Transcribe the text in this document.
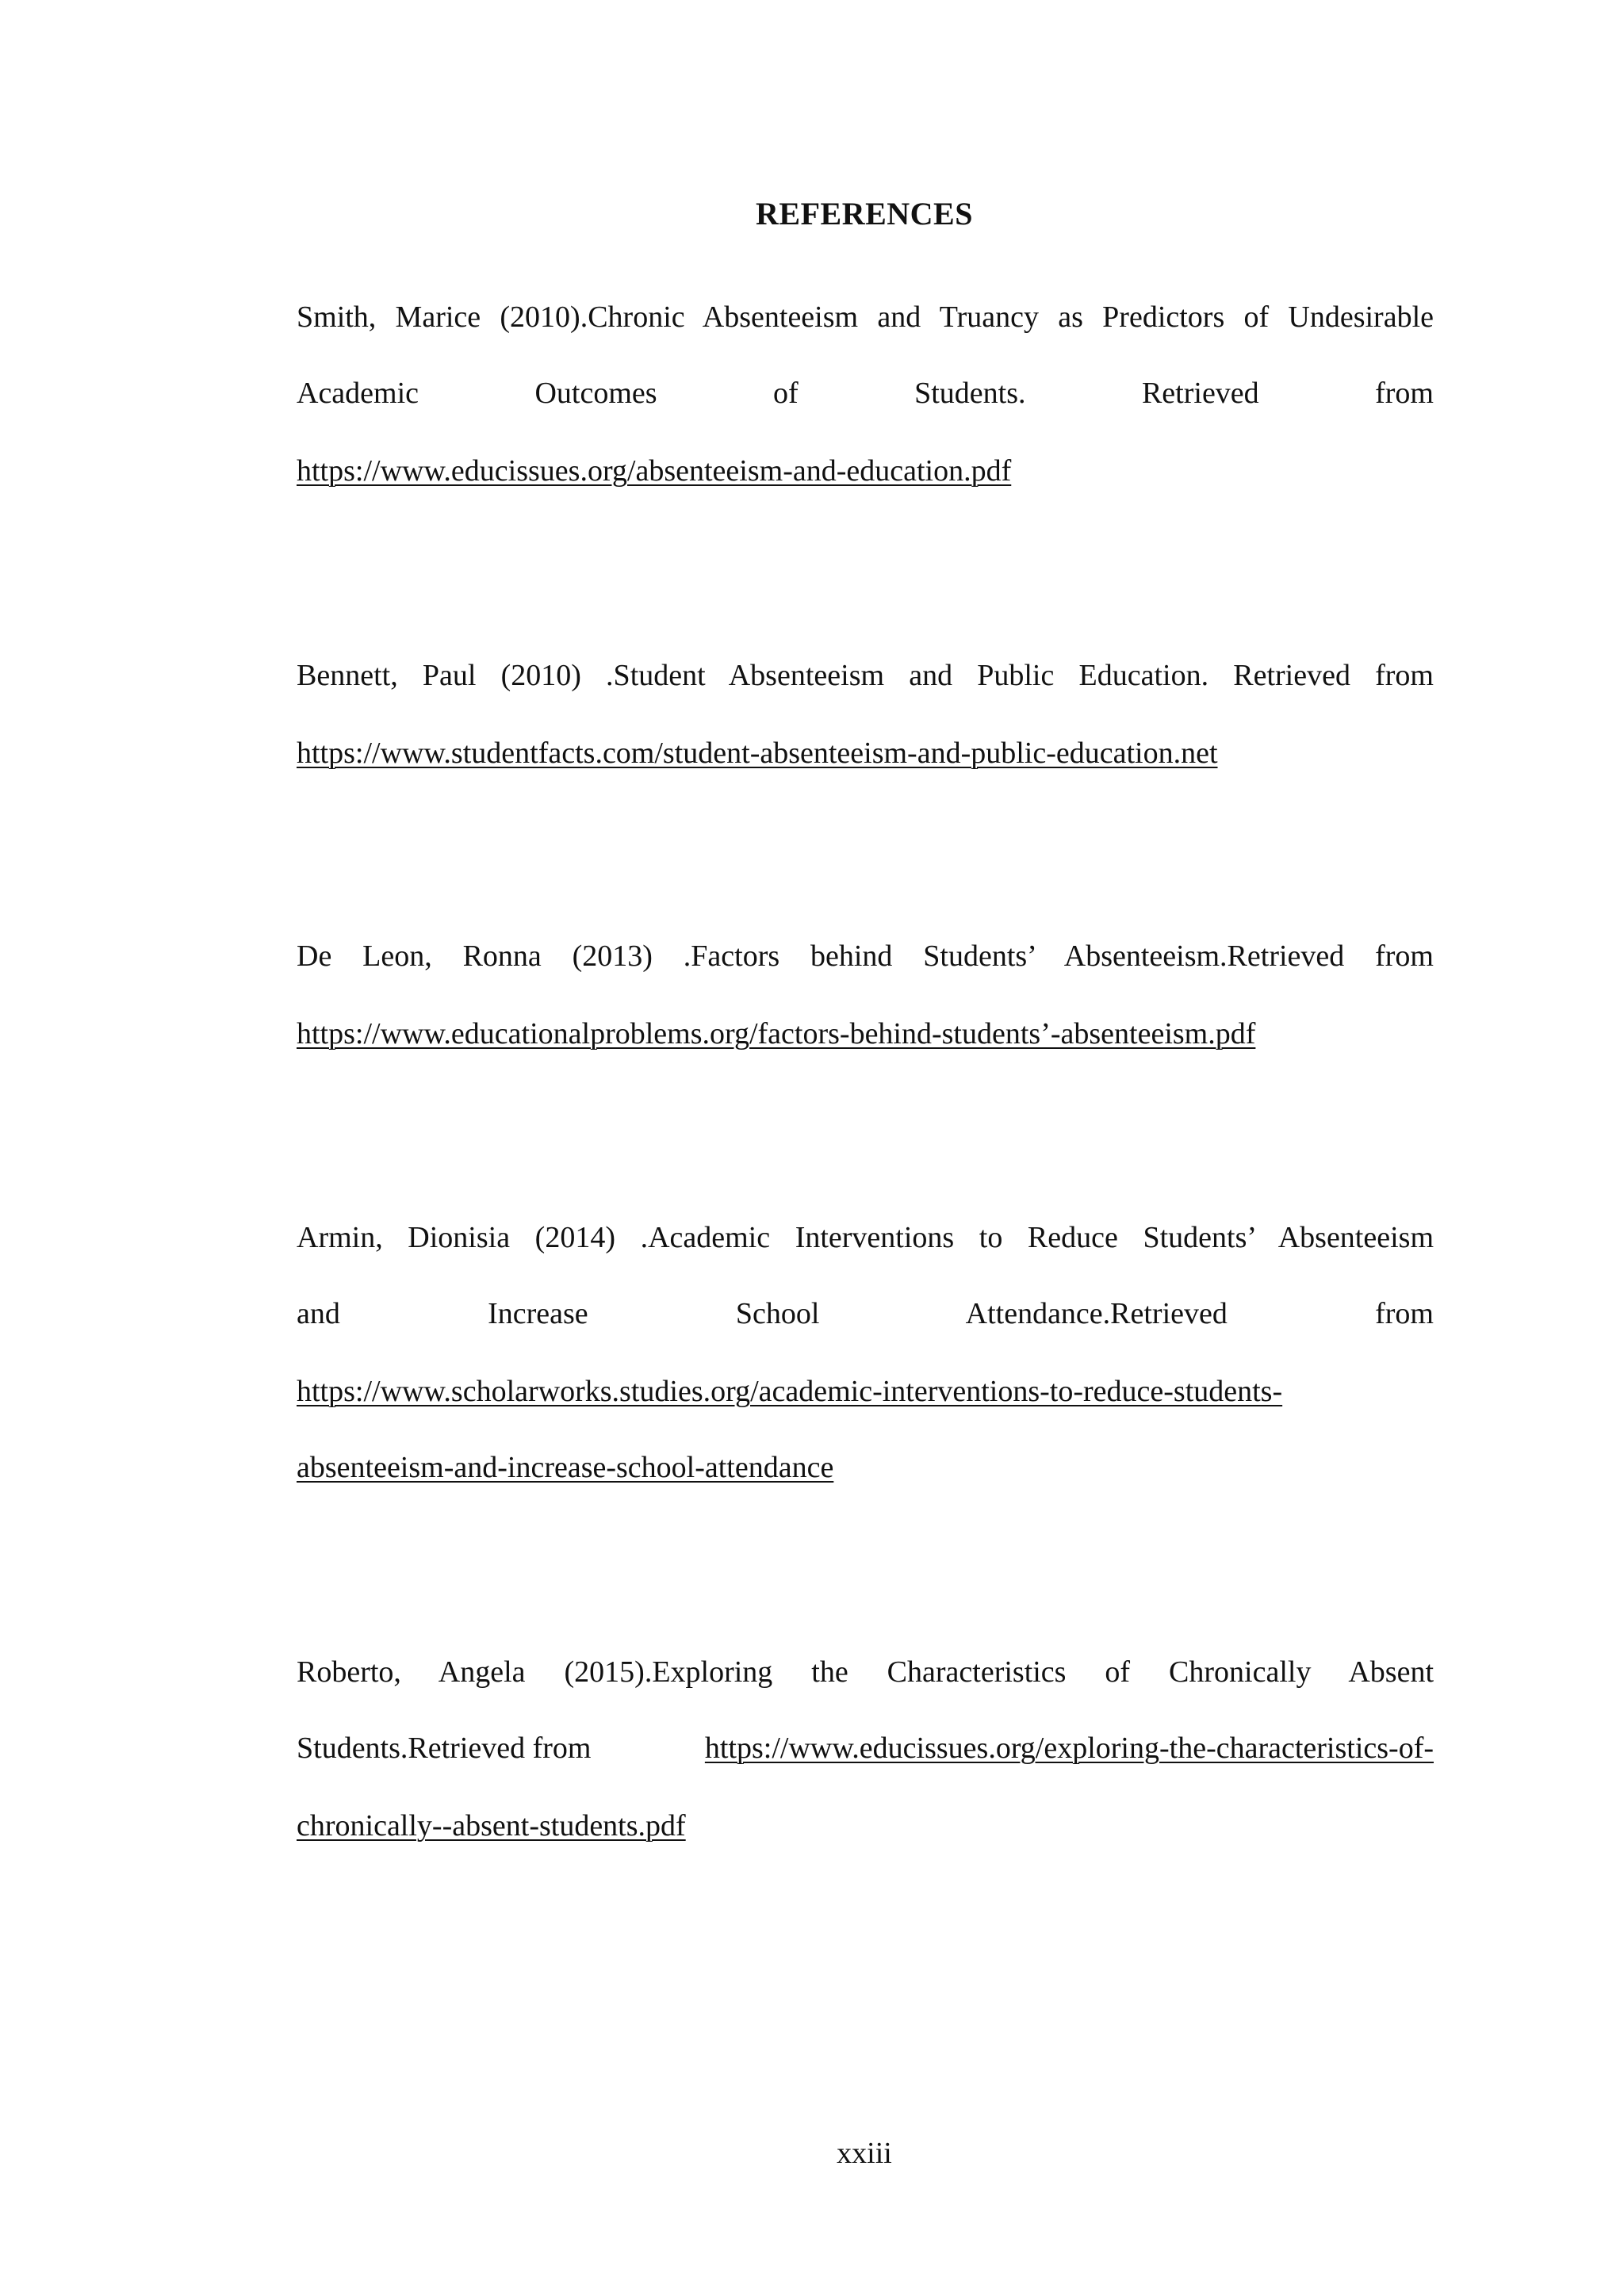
REFERENCES
Smith, Marice (2010).Chronic Absenteeism and Truancy as Predictors of Undesirable
Academic Outcomes of Students. Retrieved from
https://www.educissues.org/absenteeism-and-education.pdf
Bennett, Paul (2010) .Student Absenteeism and Public Education. Retrieved from
https://www.studentfacts.com/student-absenteeism-and-public-education.net
De Leon, Ronna (2013) .Factors behind Students’ Absenteeism.Retrieved from
https://www.educationalproblems.org/factors-behind-students’-absenteeism.pdf
Armin, Dionisia (2014) .Academic Interventions to Reduce Students’ Absenteeism
and Increase School Attendance.Retrieved from
https://www.scholarworks.studies.org/academic-interventions-to-reduce-students-
absenteeism-and-increase-school-attendance
Roberto, Angela (2015).Exploring the Characteristics of Chronically Absent
Students.Retrieved from	https://www.educissues.org/exploring-the-characteristics-of-
chronically--absent-students.pdf
xxiii
